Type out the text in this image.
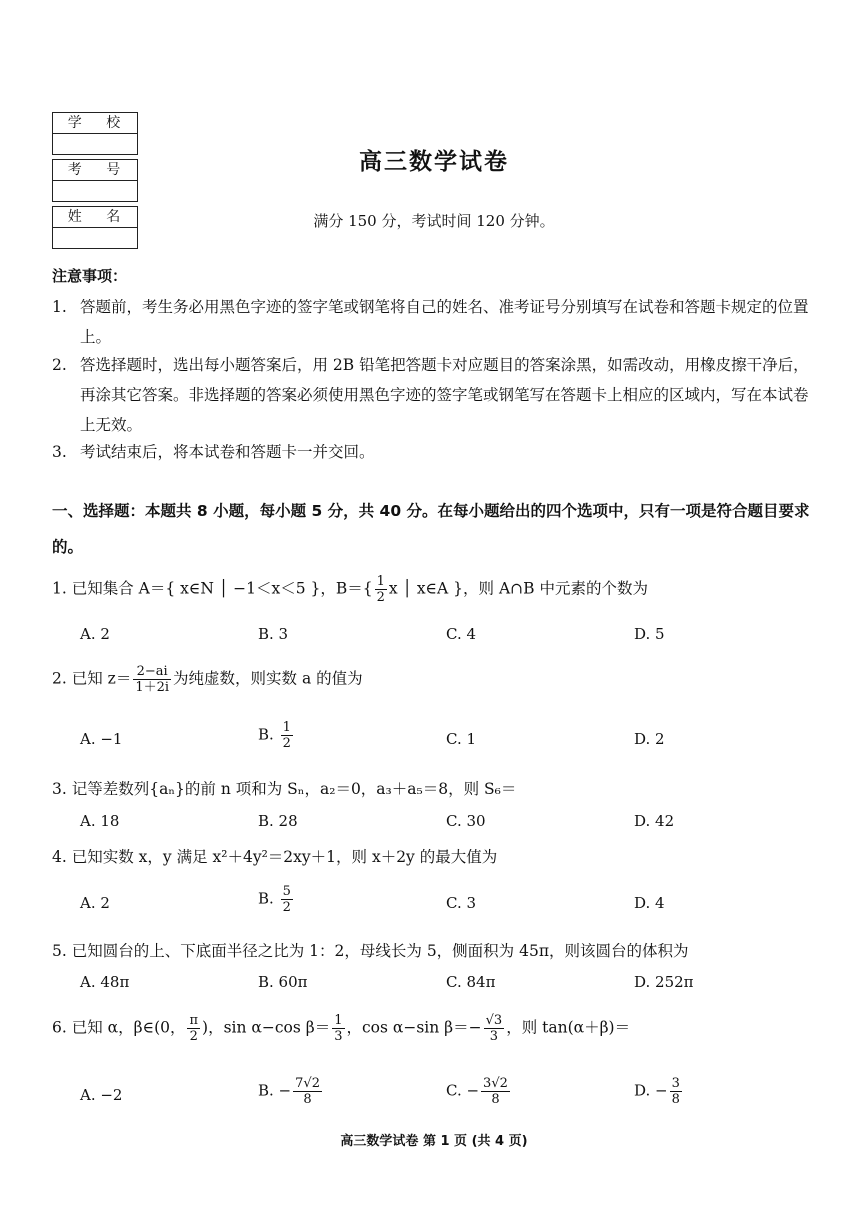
学 校
考 号
姓 名
高三数学试卷
满分 150 分，考试时间 120 分钟。
注意事项：
1. 答题前，考生务必用黑色字迹的签字笔或钢笔将自己的姓名、准考证号分别填写在试卷和答题卡规定的位置上。
2. 答选择题时，选出每小题答案后，用 2B 铅笔把答题卡对应题目的答案涂黑，如需改动，用橡皮擦干净后，再涂其它答案。非选择题的答案必须使用黑色字迹的签字笔或钢笔写在答题卡上相应的区域内，写在本试卷上无效。
3. 考试结束后，将本试卷和答题卡一并交回。
一、选择题：本题共 8 小题，每小题 5 分，共 40 分。在每小题给出的四个选项中，只有一项是符合题目要求的。
1. 已知集合 A＝{ x∈N │ −1＜x＜5 }，$B=\{ \frac{1}{2}$ x │ x∈A }，则 A∩B 中元素的个数为
A. 2	B. 3	C. 4	D. 5
2. 已知 $z= \frac{2-ai}{1+2i}$ 为纯虚数，则实数 a 的值为
A. −1	B. $\frac{1}{2}$	C. 1	D. 2
3. 记等差数列{aₙ}的前 n 项和为 Sₙ，a₂＝0，a₃＋a₅＝8，则 S₆＝
A. 18	B. 28	C. 30	D. 42
4. 已知实数 x，y 满足 x²＋4y²＝2xy＋1，则 x＋2y 的最大值为
A. 2	B. $\frac{5}{2}$	C. 3	D. 4
5. 已知圆台的上、下底面半径之比为 1：2，母线长为 5，侧面积为 45π，则该圆台的体积为
A. 48π	B. 60π	C. 84π	D. 252π
6. 已知 α，β∈(0， $\frac{\pi}{2}$ )，sin α−cos $\beta= \frac{1}{3}$ ，cos α−sin $\beta=- \frac{√3}{3}$ ，则 tan(α＋β)＝
A. −2	B. − $\frac{7√2}{8}$	C. − $\frac{3√2}{8}$	D. − $\frac{3}{8}$
高三数学试卷 第 1 页 (共 4 页)
